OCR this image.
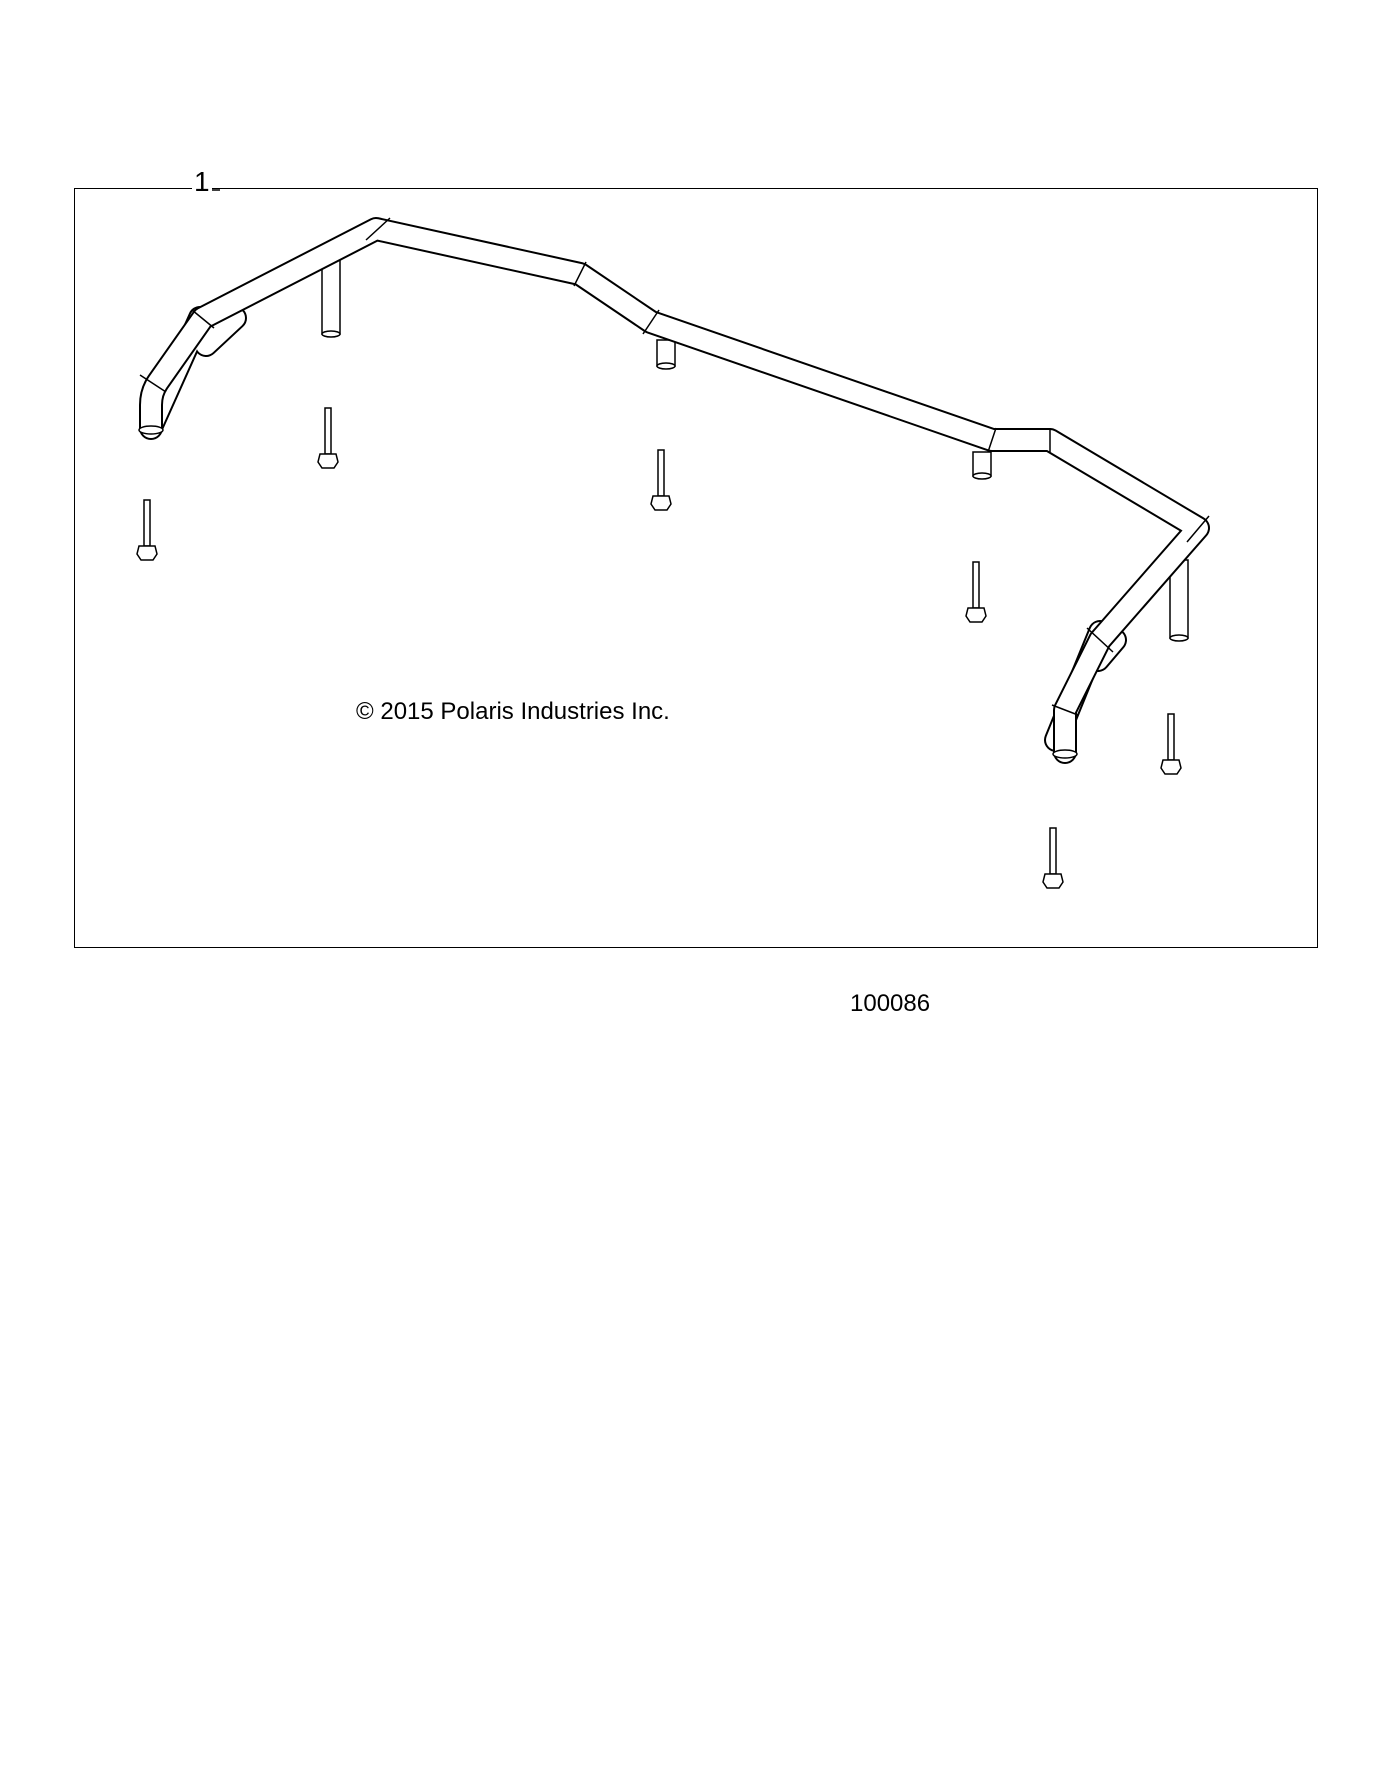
1
© 2015 Polaris Industries Inc.
100086
